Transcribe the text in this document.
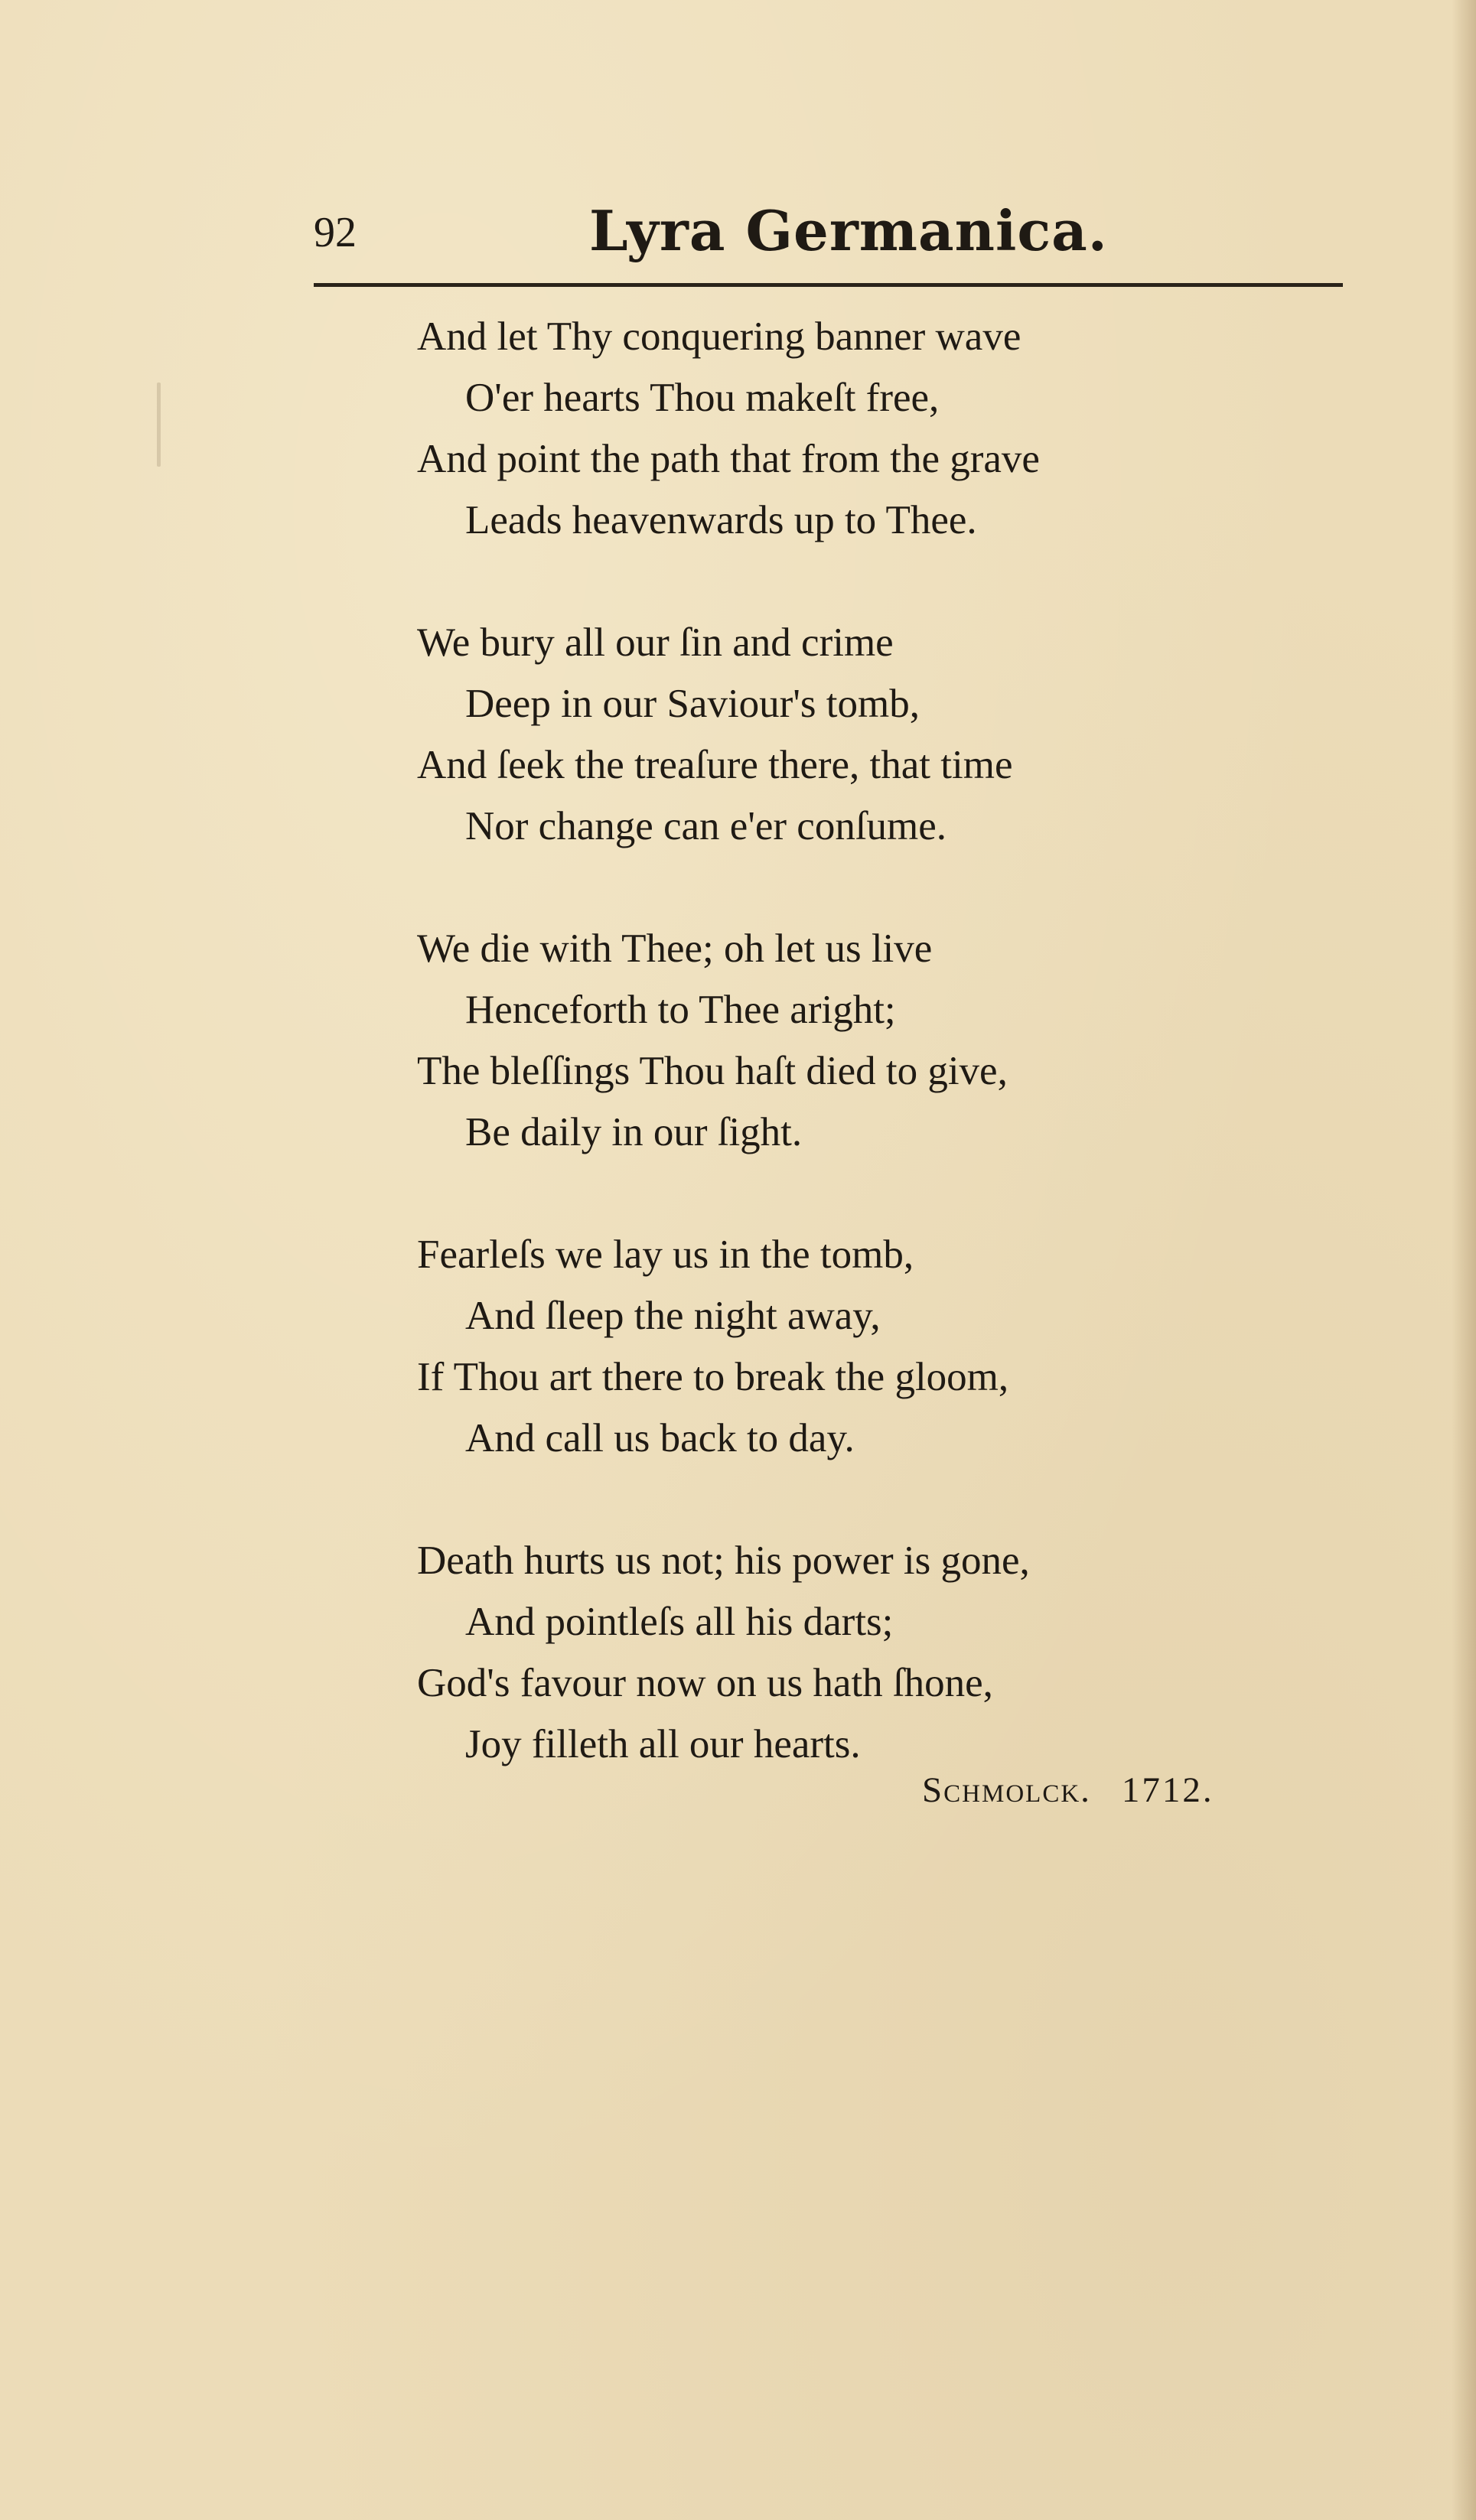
92	Lyra Germanica.
And let Thy conquering banner wave
O'er hearts Thou makeſt free,
And point the path that from the grave
Leads heavenwards up to Thee.
We bury all our ſin and crime
Deep in our Saviour's tomb,
And ſeek the treaſure there, that time
Nor change can e'er conſume.
We die with Thee; oh let us live
Henceforth to Thee aright;
The bleſſings Thou haſt died to give,
Be daily in our ſight.
Fearleſs we lay us in the tomb,
And ſleep the night away,
If Thou art there to break the gloom,
And call us back to day.
Death hurts us not; his power is gone,
And pointleſs all his darts;
God's favour now on us hath ſhone,
Joy filleth all our hearts.
Schmolck. 1712.
